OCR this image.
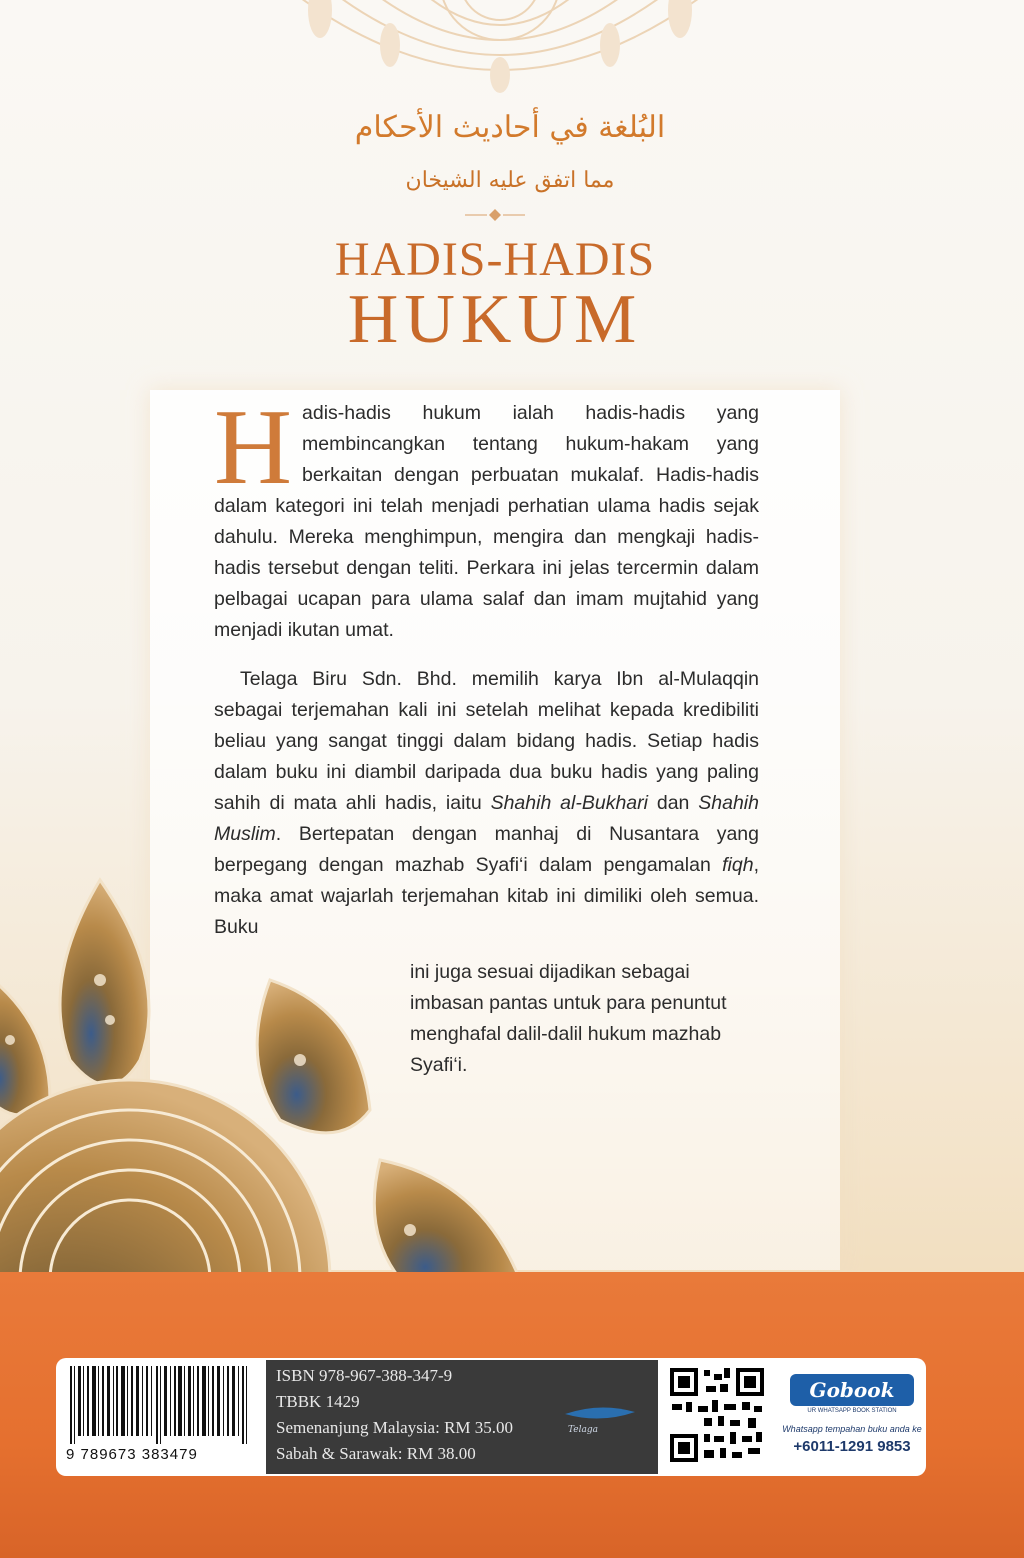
البُلغة في أحاديث الأحكام
مما اتفق عليه الشيخان
HADIS-HADIS
HUKUM

Hadis-hadis hukum ialah hadis-hadis yang membincangkan tentang hukum-hakam yang berkaitan dengan perbuatan mukalaf. Hadis-hadis dalam kategori ini telah menjadi perhatian ulama hadis sejak dahulu. Mereka menghimpun, mengira dan mengkaji hadis-hadis tersebut dengan teliti. Perkara ini jelas tercermin dalam pelbagai ucapan para ulama salaf dan imam mujtahid yang menjadi ikutan umat.

Telaga Biru Sdn. Bhd. memilih karya Ibn al-Mulaqqin sebagai terjemahan kali ini setelah melihat kepada kredibiliti beliau yang sangat tinggi dalam bidang hadis. Setiap hadis dalam buku ini diambil daripada dua buku hadis yang paling sahih di mata ahli hadis, iaitu Shahih al-Bukhari dan Shahih Muslim. Bertepatan dengan manhaj di Nusantara yang berpegang dengan mazhab Syafi‘i dalam pengamalan fiqh, maka amat wajarlah terjemahan kitab ini dimiliki oleh semua. Buku

ini juga sesuai dijadikan sebagai imbasan pantas untuk para penuntut menghafal dalil-dalil hukum mazhab Syafi‘i.
9 789673 383479
ISBN 978-967-388-347-9
TBBK 1429
Semenanjung Malaysia: RM 35.00
Sabah & Sarawak: RM 38.00
Telaga
Gobook
UR WHATSAPP BOOK STATION
Whatsapp tempahan buku anda ke
+6011-1291 9853
